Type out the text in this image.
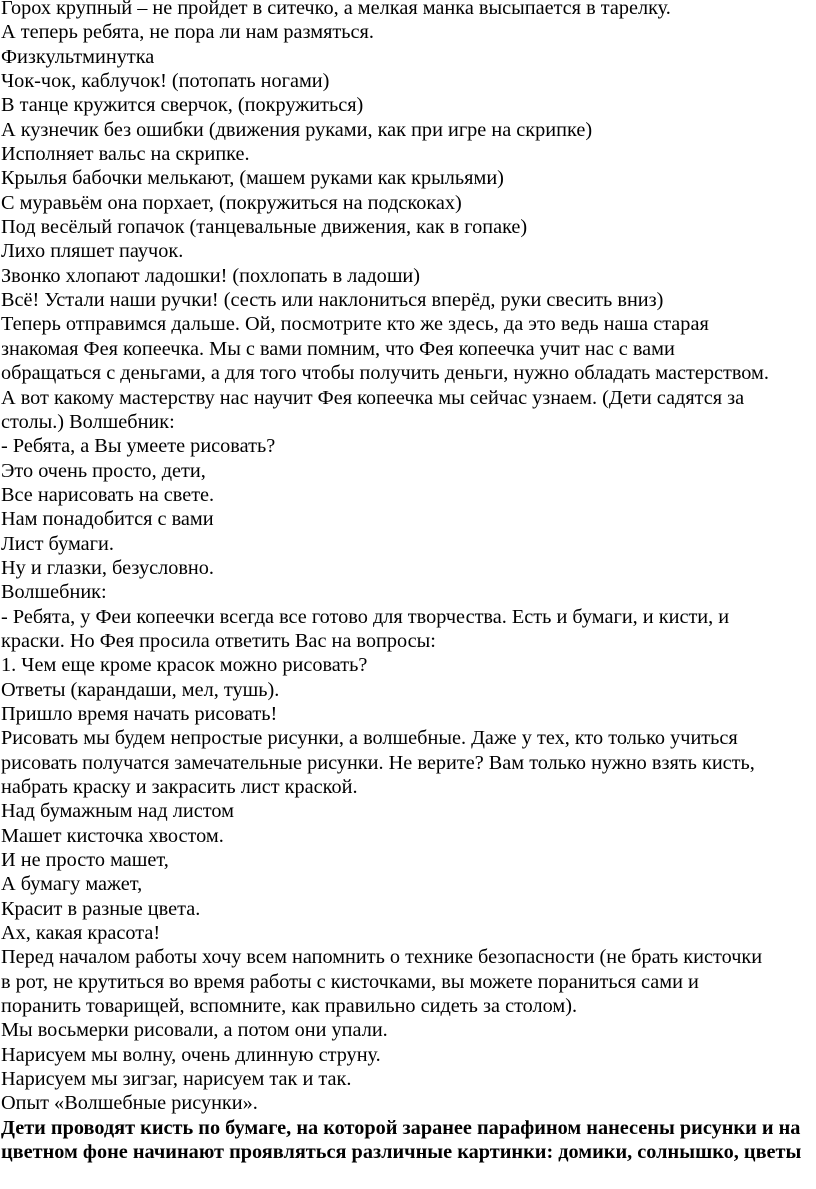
Горох крупный – не пройдет в ситечко, а мелкая манка высыпается в тарелку.
А теперь ребята, не пора ли нам размяться.
Физкультминутка
Чок-чок, каблучок! (потопать ногами)
В танце кружится сверчок, (покружиться)
А кузнечик без ошибки (движения руками, как при игре на скрипке)
Исполняет вальс на скрипке.
Крылья бабочки мелькают, (машем руками как крыльями)
С муравьём она порхает, (покружиться на подскоках)
Под весёлый гопачок (танцевальные движения, как в гопаке)
Лихо пляшет паучок.
Звонко хлопают ладошки! (похлопать в ладоши)
Всё! Устали наши ручки! (сесть или наклониться вперёд, руки свесить вниз)
Теперь отправимся дальше. Ой, посмотрите кто же здесь, да это ведь наша старая
знакомая Фея копеечка. Мы с вами помним, что Фея копеечка учит нас с вами
обращаться с деньгами, а для того чтобы получить деньги, нужно обладать мастерством.
А вот какому мастерству нас научит Фея копеечка мы сейчас узнаем. (Дети садятся за
столы.) Волшебник:
- Ребята, а Вы умеете рисовать?
Это очень просто, дети,
Все нарисовать на свете.
Нам понадобится с вами
Лист бумаги.
Ну и глазки, безусловно.
Волшебник:
- Ребята, у Феи копеечки всегда все готово для творчества. Есть и бумаги, и кисти, и
краски. Но Фея просила ответить Вас на вопросы:
1. Чем еще кроме красок можно рисовать?
Ответы (карандаши, мел, тушь).
Пришло время начать рисовать!
Рисовать мы будем непростые рисунки, а волшебные. Даже у тех, кто только учиться
рисовать получатся замечательные рисунки. Не верите? Вам только нужно взять кисть,
набрать краску и закрасить лист краской.
Над бумажным над листом
Машет кисточка хвостом.
И не просто машет,
А бумагу мажет,
Красит в разные цвета.
Ах, какая красота!
Перед началом работы хочу всем напомнить о технике безопасности (не брать кисточки
в рот, не крутиться во время работы с кисточками, вы можете пораниться сами и
поранить товарищей, вспомните, как правильно сидеть за столом).
Мы восьмерки рисовали, а потом они упали.
Нарисуем мы волну, очень длинную струну.
Нарисуем мы зигзаг, нарисуем так и так.
Опыт «Волшебные рисунки».
Дети проводят кисть по бумаге, на которой заранее парафином нанесены рисунки и на
цветном фоне начинают проявляться различные картинки: домики, солнышко, цветы
